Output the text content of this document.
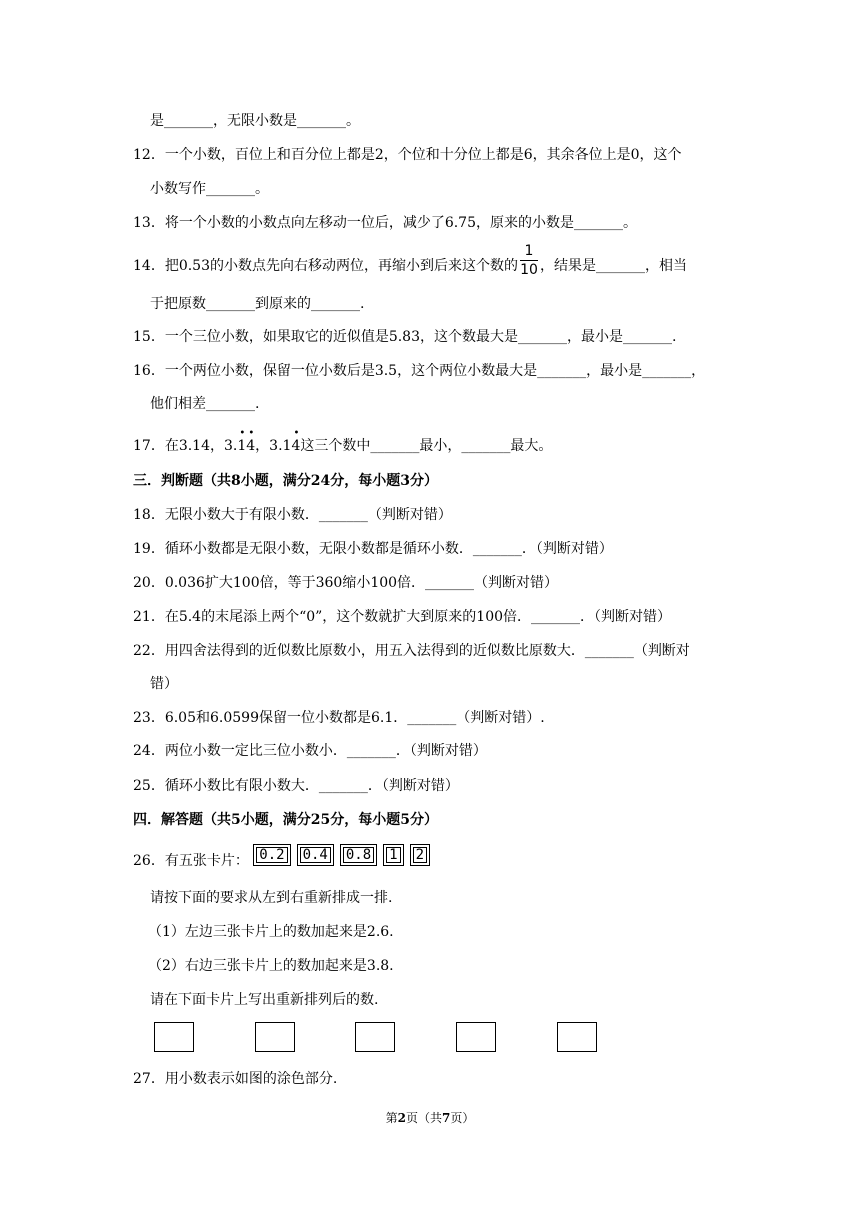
是_______，无限小数是_______。
12．一个小数，百位上和百分位上都是2，个位和十分位上都是6，其余各位上是0，这个
小数写作_______。
13．将一个小数的小数点向左移动一位后，减少了6.75，原来的小数是_______。
14．把0.53的小数点先向右移动两位，再缩小到后来这个数的 $\frac{1}{10}$ ，结果是_______，相当
于把原数_______到原来的_______.
15．一个三位小数，如果取它的近似值是5.83，这个数最大是_______，最小是_______.
16．一个两位小数，保留一位小数后是3.5，这个两位小数最大是_______，最小是_______，
他们相差_______.
17．在3.14，3.
• •
14，3.1
•
4这三个数中_______最小，_______最大。
三．判断题（共8小题，满分24分，每小题3分）
18．无限小数大于有限小数．_______（判断对错）
19．循环小数都是无限小数，无限小数都是循环小数．_______．（判断对错）
20．0.036扩大100倍，等于360缩小100倍．_______（判断对错）
21．在5.4的末尾添上两个“0”，这个数就扩大到原来的100倍．_______．（判断对错）
22．用四舍法得到的近似数比原数小，用五入法得到的近似数比原数大．_______（判断对
错）
23．6.05和6.0599保留一位小数都是6.1．_______（判断对错）.
24．两位小数一定比三位小数小．_______．（判断对错）
25．循环小数比有限小数大．_______．（判断对错）
四．解答题（共5小题，满分25分，每小题5分）
26．有五张卡片： 0.2 0.4 0.8 1 2
请按下面的要求从左到右重新排成一排.
（1）左边三张卡片上的数加起来是2.6.
（2）右边三张卡片上的数加起来是3.8.
请在下面卡片上写出重新排列后的数.
27．用小数表示如图的涂色部分.
第2页（共7页）
